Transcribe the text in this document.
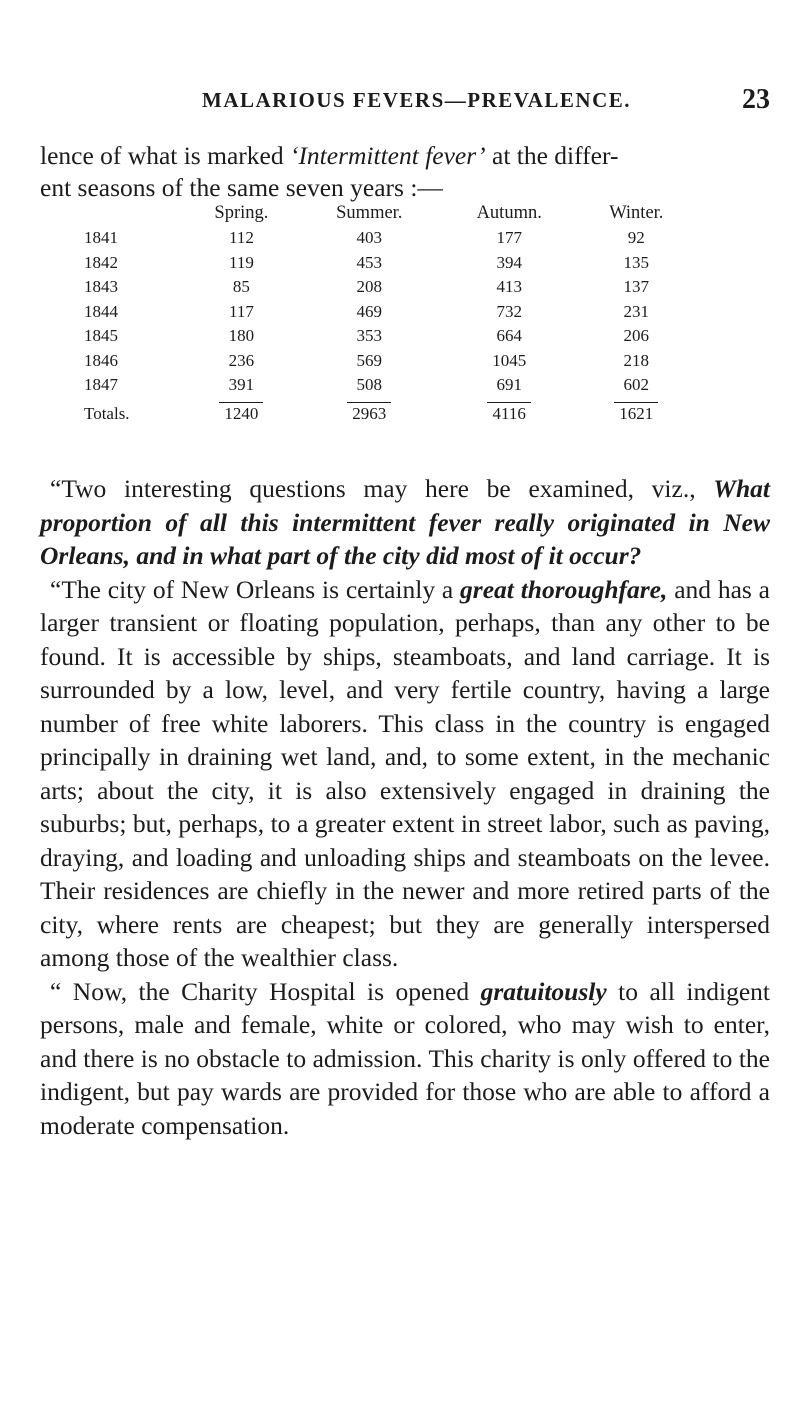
MALARIOUS FEVERS—PREVALENCE.	23
lence of what is marked ‘Intermittent fever’ at the differ-
ent seasons of the same seven years :—
	Spring.	Summer.	Autumn.	Winter.
1841	112	403	177	92
1842	119	453	394	135
1843	85	208	413	137
1844	117	469	732	231
1845	180	353	664	206
1846	236	569	1045	218
1847	391	508	691	602
Totals.	1240	2963	4116	1621

“Two interesting questions may here be examined, viz., What proportion of all this intermittent fever really originated in New Orleans, and in what part of the city did most of it occur?

“The city of New Orleans is certainly a great thoroughfare, and has a larger transient or floating population, perhaps, than any other to be found. It is accessible by ships, steamboats, and land carriage. It is surrounded by a low, level, and very fertile country, having a large number of free white laborers. This class in the country is engaged principally in draining wet land, and, to some extent, in the mechanic arts; about the city, it is also extensively engaged in draining the suburbs; but, perhaps, to a greater extent in street labor, such as paving, draying, and loading and unloading ships and steamboats on the levee. Their residences are chiefly in the newer and more retired parts of the city, where rents are cheapest; but they are generally interspersed among those of the wealthier class.

“ Now, the Charity Hospital is opened gratuitously to all indigent persons, male and female, white or colored, who may wish to enter, and there is no obstacle to admission. This charity is only offered to the indigent, but pay wards are provided for those who are able to afford a moderate compensation.
